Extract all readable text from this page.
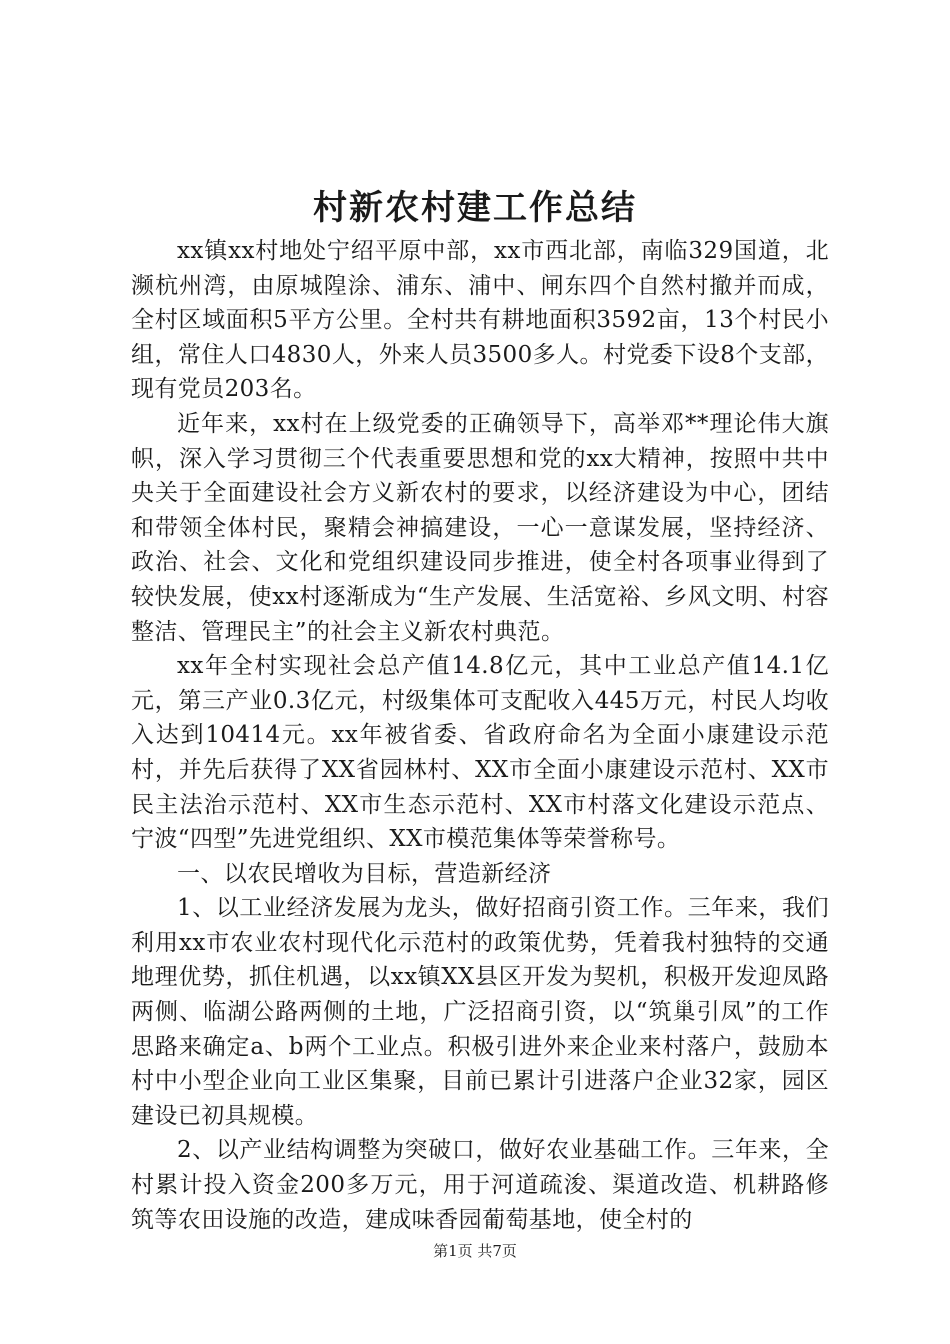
村新农村建工作总结

xx镇xx村地处宁绍平原中部，xx市西北部，南临329国道，北濒杭州湾，由原城隍涂、浦东、浦中、闸东四个自然村撤并而成，全村区域面积5平方公里。全村共有耕地面积3592亩，13个村民小组，常住人口4830人，外来人员3500多人。村党委下设8个支部，现有党员203名。

近年来，xx村在上级党委的正确领导下，高举邓**理论伟大旗帜，深入学习贯彻三个代表重要思想和党的xx大精神，按照中共中央关于全面建设社会方义新农村的要求，以经济建设为中心，团结和带领全体村民，聚精会神搞建设，一心一意谋发展，坚持经济、政治、社会、文化和党组织建设同步推进，使全村各项事业得到了较快发展，使xx村逐渐成为“生产发展、生活宽裕、乡风文明、村容整洁、管理民主”的社会主义新农村典范。

xx年全村实现社会总产值14.8亿元，其中工业总产值14.1亿元，第三产业0.3亿元，村级集体可支配收入445万元，村民人均收入达到10414元。xx年被省委、省政府命名为全面小康建设示范村，并先后获得了XX省园林村、XX市全面小康建设示范村、XX市民主法治示范村、XX市生态示范村、XX市村落文化建设示范点、宁波“四型”先进党组织、XX市模范集体等荣誉称号。

一、以农民增收为目标，营造新经济

1、以工业经济发展为龙头，做好招商引资工作。三年来，我们利用xx市农业农村现代化示范村的政策优势，凭着我村独特的交通地理优势，抓住机遇，以xx镇XX县区开发为契机，积极开发迎凤路两侧、临湖公路两侧的土地，广泛招商引资，以“筑巢引凤”的工作思路来确定a、b两个工业点。积极引进外来企业来村落户，鼓励本村中小型企业向工业区集聚，目前已累计引进落户企业32家，园区建设已初具规模。

2、以产业结构调整为突破口，做好农业基础工作。三年来，全村累计投入资金200多万元，用于河道疏浚、渠道改造、机耕路修筑等农田设施的改造，建成味香园葡萄基地，使全村的

第1页 共7页
